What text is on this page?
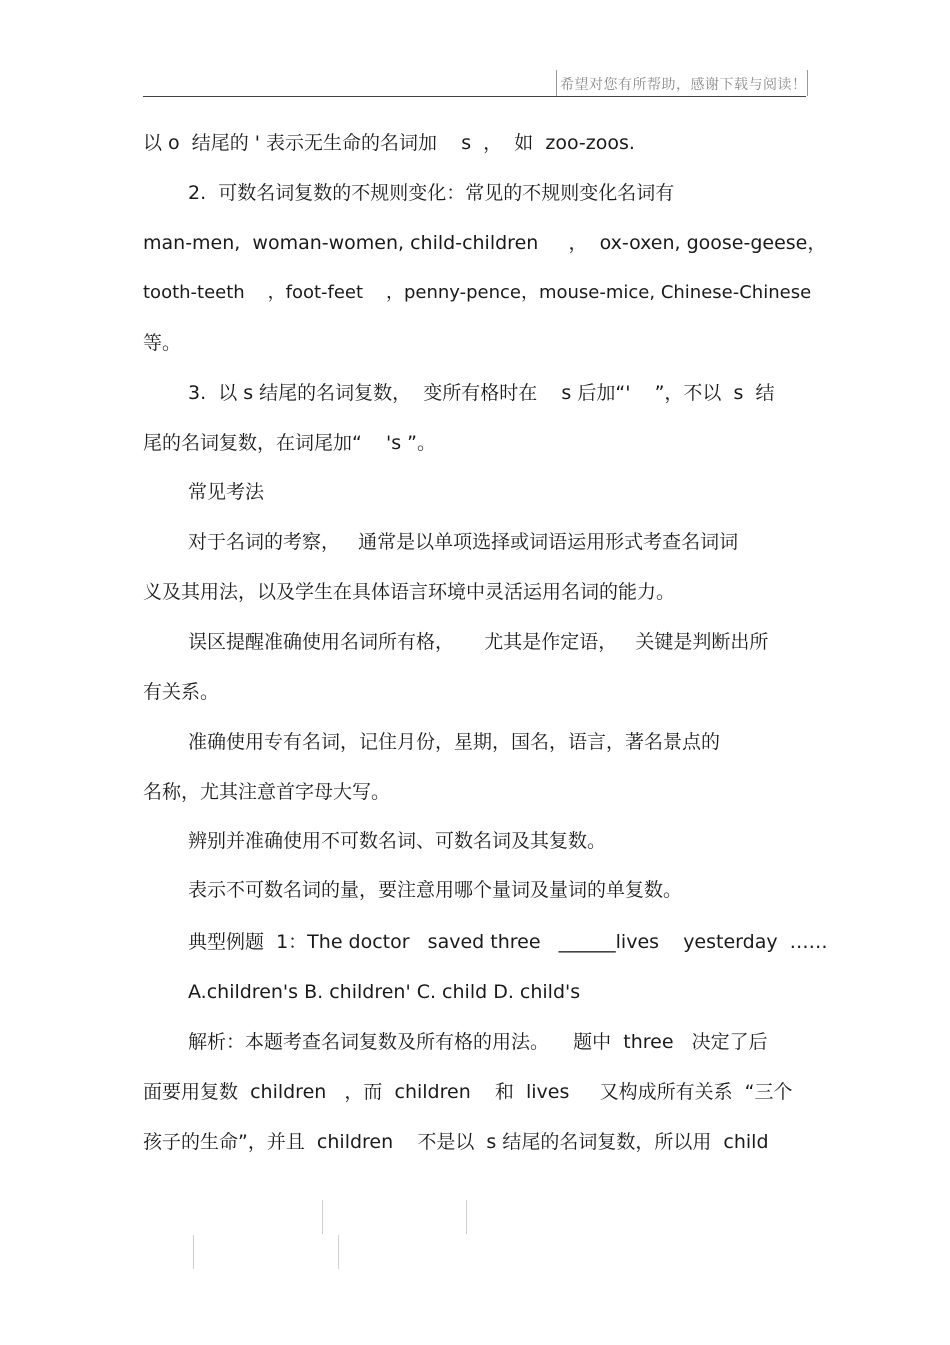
希望对您有所帮助，感谢下载与阅读！
以 o  结尾的 ' 表示无生命的名词加    s  ，  如  zoo-zoos.
2.  可数名词复数的不规则变化：常见的不规则变化名词有
man-men,  woman-women, child-children     ，  ox-oxen, goose-geese，
tooth-teeth    ，foot-feet    ，penny-pence，mouse-mice, Chinese-Chinese
等。
3.  以 s 结尾的名词复数，  变所有格时在    s 后加“'    ”，不以  s  结
尾的名词复数，在词尾加“    's ”。
常见考法
对于名词的考察，   通常是以单项选择或词语运用形式考查名词词
义及其用法，以及学生在具体语言环境中灵活运用名词的能力。
误区提醒准确使用名词所有格，     尤其是作定语，   关键是判断出所
有关系。
准确使用专有名词，记住月份，星期，国名，语言，著名景点的
名称，尤其注意首字母大写。
辨别并准确使用不可数名词、可数名词及其复数。
表示不可数名词的量，要注意用哪个量词及量词的单复数。
典型例题  1：The doctor   saved three   ______lives    yesterday  ……
A.children's B. children' C. child D. child's
解析：本题考查名词复数及所有格的用法。    题中  three   决定了后
面要用复数  children   ，而  children    和  lives     又构成所有关系  “三个
孩子的生命”，并且  children    不是以  s 结尾的名词复数，所以用  child
